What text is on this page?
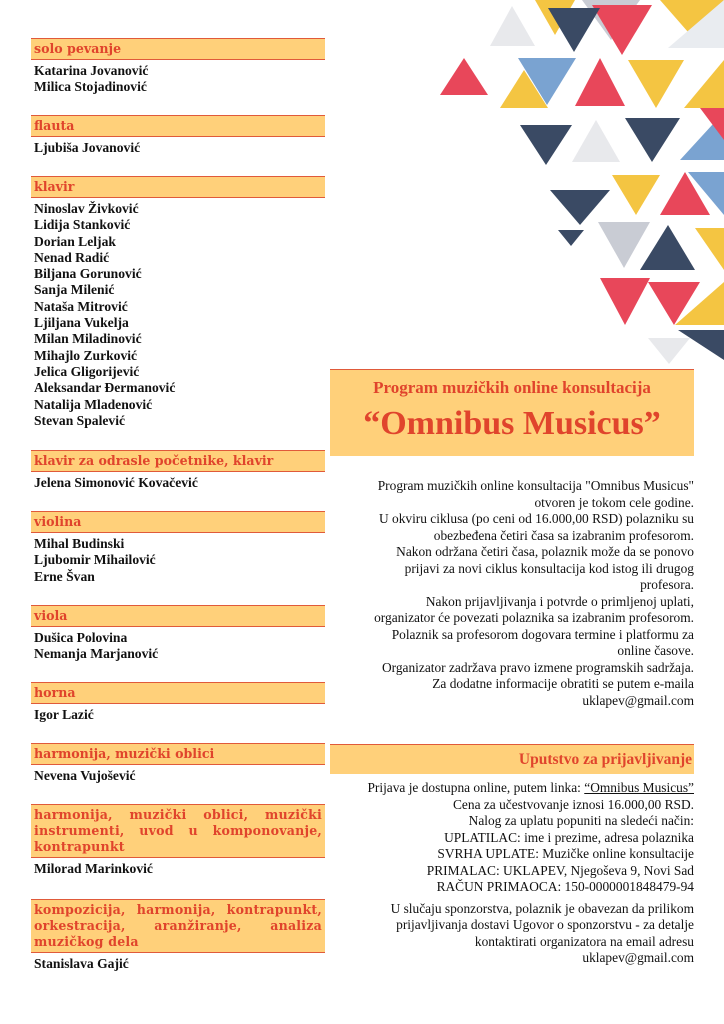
solo pevanje
Katarina Jovanović
Milica Stojadinović
flauta
Ljubiša Jovanović
klavir
Ninoslav Živković
Lidija Stanković
Dorian Leljak
Nenad Radić
Biljana Gorunović
Sanja Milenić
Nataša Mitrović
Ljiljana Vukelja
Milan Miladinović
Mihajlo Zurković
Jelica Gligorijević
Aleksandar Đermanović
Natalija Mladenović
Stevan Spalević
klavir za odrasle početnike, klavir
Jelena Simonović Kovačević
violina
Mihal Budinski
Ljubomir Mihailović
Erne Švan
viola
Dušica Polovina
Nemanja Marjanović
horna
Igor Lazić
harmonija, muzički oblici
Nevena Vujošević
harmonija, muzički oblici, muzički instrumenti, uvod u komponovanje, kontrapunkt
Milorad Marinković
kompozicija, harmonija, kontrapunkt, orkestracija, aranžiranje, analiza muzičkog dela
Stanislava Gajić
Program muzičkih online konsultacija
“Omnibus Musicus”

Program muzičkih online konsultacija "Omnibus Musicus"

otvoren je tokom cele godine.

U okviru ciklusa (po ceni od 16.000,00 RSD) polazniku su

obezbeđena četiri časa sa izabranim profesorom.

Nakon održana četiri časa, polaznik može da se ponovo

prijavi za novi ciklus konsultacija kod istog ili drugog

profesora.

Nakon prijavljivanja i potvrde o primljenoj uplati,

organizator će povezati polaznika sa izabranim profesorom.

Polaznik sa profesorom dogovara termine i platformu za

online časove.

Organizator zadržava pravo izmene programskih sadržaja.

Za dodatne informacije obratiti se putem e-maila

uklapev@gmail.com

Uputstvo za prijavljivanje

Prijava je dostupna online, putem linka: “Omnibus Musicus”

Cena za učestvovanje iznosi 16.000,00 RSD.

Nalog za uplatu popuniti na sledeći način:

UPLATILAC: ime i prezime, adresa polaznika

SVRHA UPLATE: Muzičke online konsultacije

PRIMALAC: UKLAPEV, Njegoševa 9, Novi Sad

RAČUN PRIMAOCA: 150-0000001848479-94

U slučaju sponzorstva, polaznik je obavezan da prilikom

prijavljivanja dostavi Ugovor o sponzorstvu - za detalje

kontaktirati organizatora na email adresu

uklapev@gmail.com
